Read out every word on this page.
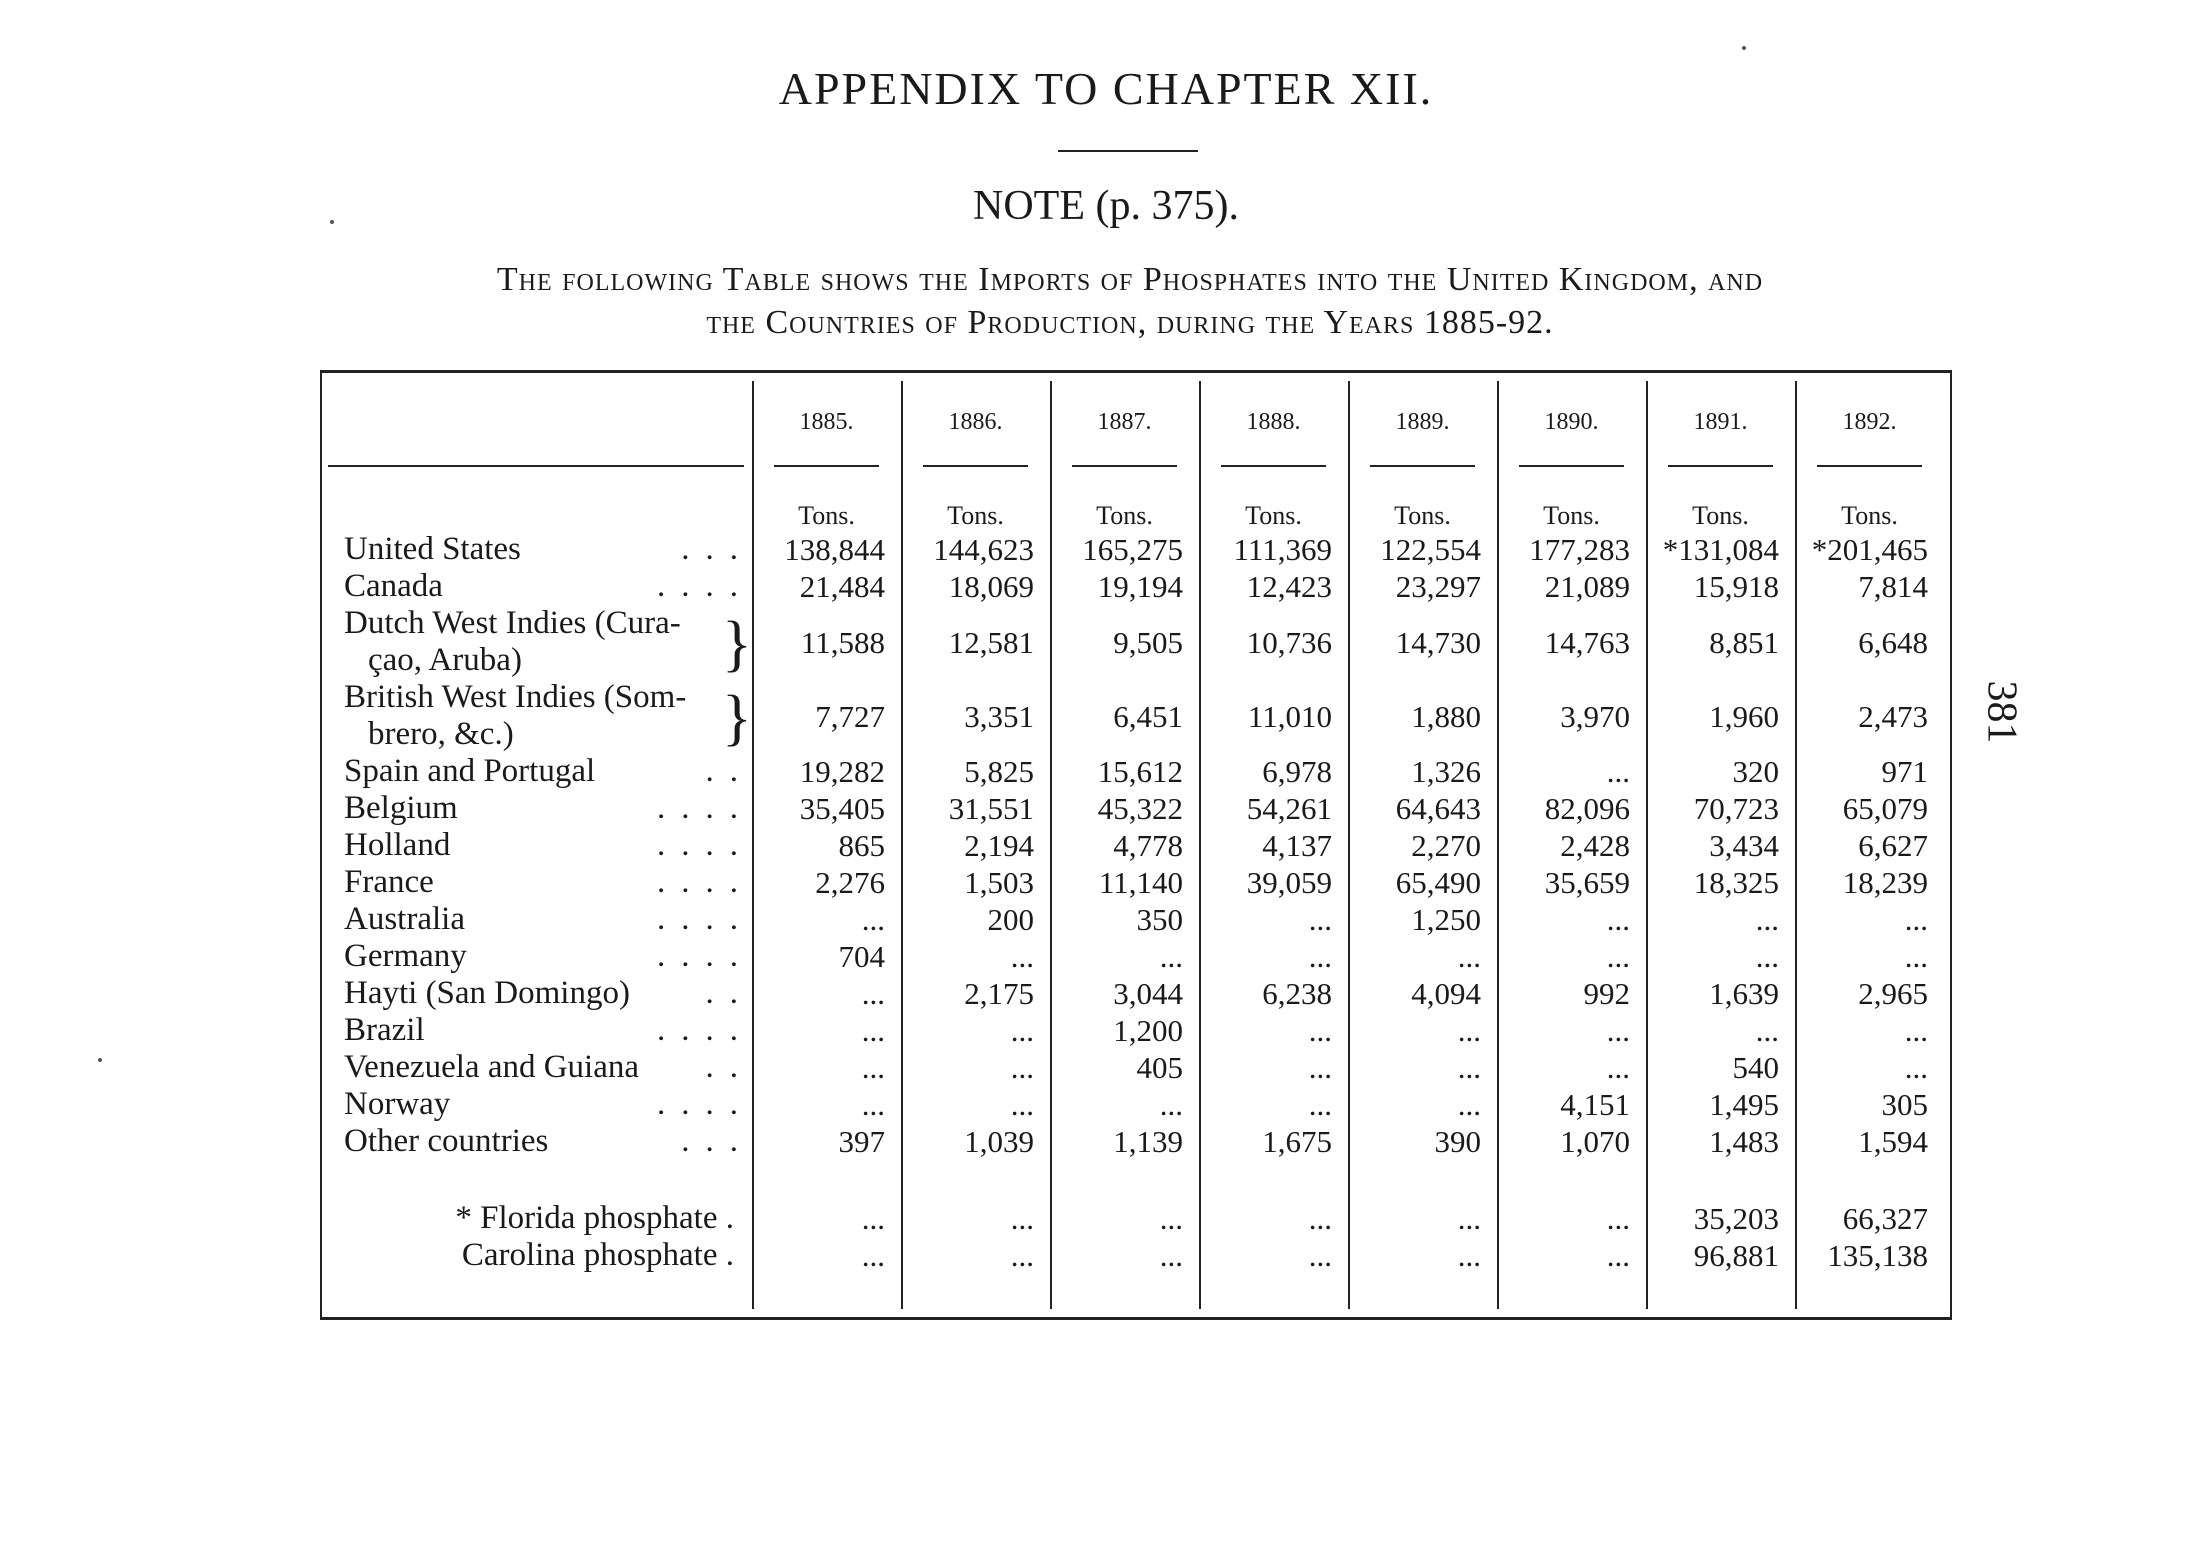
APPENDIX TO CHAPTER XII.
NOTE (p. 375).
The following Table shows the Imports of Phosphates into the United Kingdom, and
the Countries of Production, during the Years 1885-92.
381
1885.	1886.	1887.	1888.	1889.	1890.	1891.	1892.
Tons.	Tons.	Tons.	Tons.	Tons.	Tons.	Tons.	Tons.
United States	... 138,844	144,623	165,275	111,369	122,554	177,283	*131,084	*201,465
Canada	....	21,484	18,069	19,194	12,423	23,297	21,089	15,918	7,814
Dutch West Indies (Cura-
çao, Aruba)	}	11,588	12,581	9,505	10,736	14,730	14,763	8,851	6,648
British West Indies (Som-
brero, &c.)	}	7,727	3,351	6,451	11,010	1,880	3,970	1,960	2,473
Spain and Portugal	..	19,282	5,825	15,612	6,978	1,326	...	320	971
Belgium	....	35,405	31,551	45,322	54,261	64,643	82,096	70,723	65,079
Holland	....	865	2,194	4,778	4,137	2,270	2,428	3,434	6,627
France	....	2,276	1,503	11,140	39,059	65,490	35,659	18,325	18,239
Australia	....	...	200	350	...	1,250	...	...	...
Germany	....	704	...	...	...	...	...	...	...
Hayti (San Domingo)	..	...	2,175	3,044	6,238	4,094	992	1,639	2,965
Brazil	....	...	...	1,200	...	...	...	...	...
Venezuela and Guiana	..	...	...	405	...	...	...	540	...
Norway	....	...	...	...	...	...	4,151	1,495	305
Other countries	...	397	1,039	1,139	1,675	390	1,070	1,483	1,594
* Florida phosphate .	...	...	...	...	...	...	35,203	66,327
Carolina phosphate .	...	...	...	...	...	...	96,881	135,138
